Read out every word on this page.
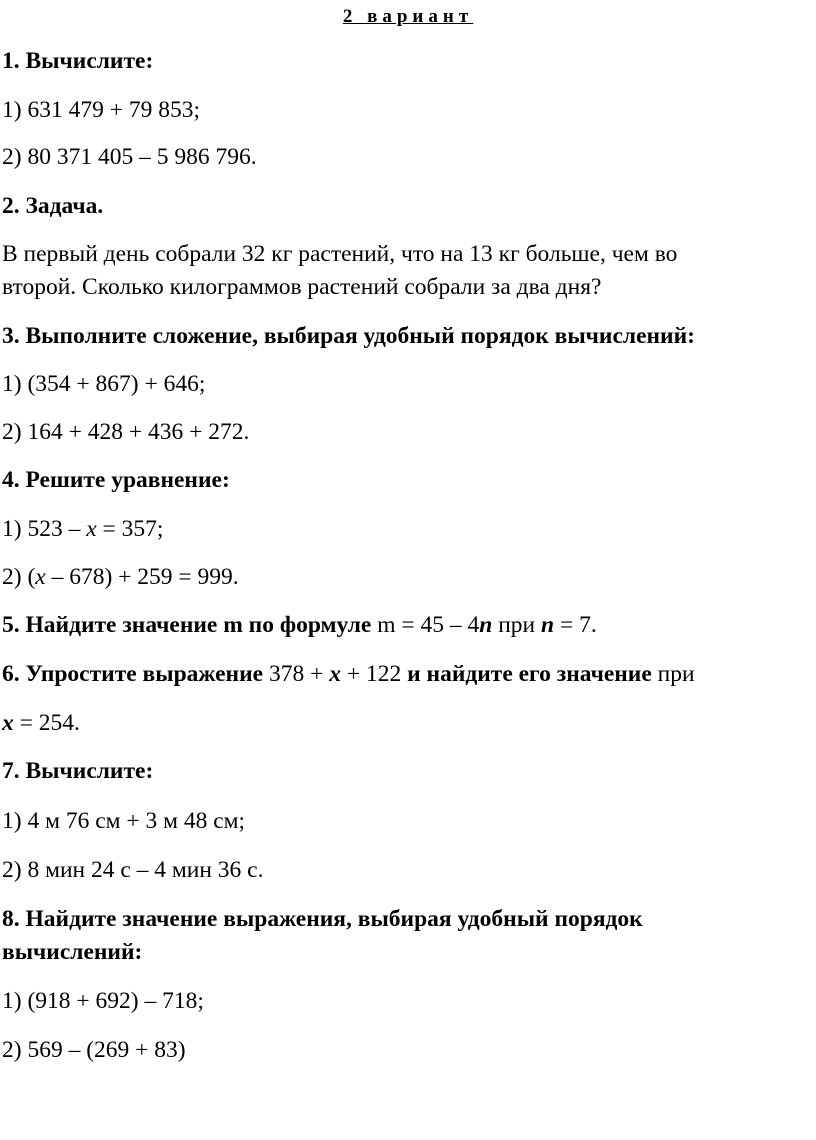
2 вариант
1. Вычислите:
1) 631 479 + 79 853;
2) 80 371 405 – 5 986 796.
2. Задача.
В первый день собрали 32 кг растений, что на 13 кг больше, чем во
второй. Сколько килограммов растений собрали за два дня?
3. Выполните сложение, выбирая удобный порядок вычислений:
1) (354 + 867) + 646;
2) 164 + 428 + 436 + 272.
4. Решите уравнение:
1) 523 – x = 357;
2) (x – 678) + 259 = 999.
5. Найдите значение m по формуле m = 45 – 4n при n = 7.
6. Упростите выражение 378 + x + 122 и найдите его значение при
x = 254.
7. Вычислите:
1) 4 м 76 см + 3 м 48 см;
2) 8 мин 24 с – 4 мин 36 с.
8. Найдите значение выражения, выбирая удобный порядок
вычислений:
1) (918 + 692) – 718;
2) 569 – (269 + 83)
